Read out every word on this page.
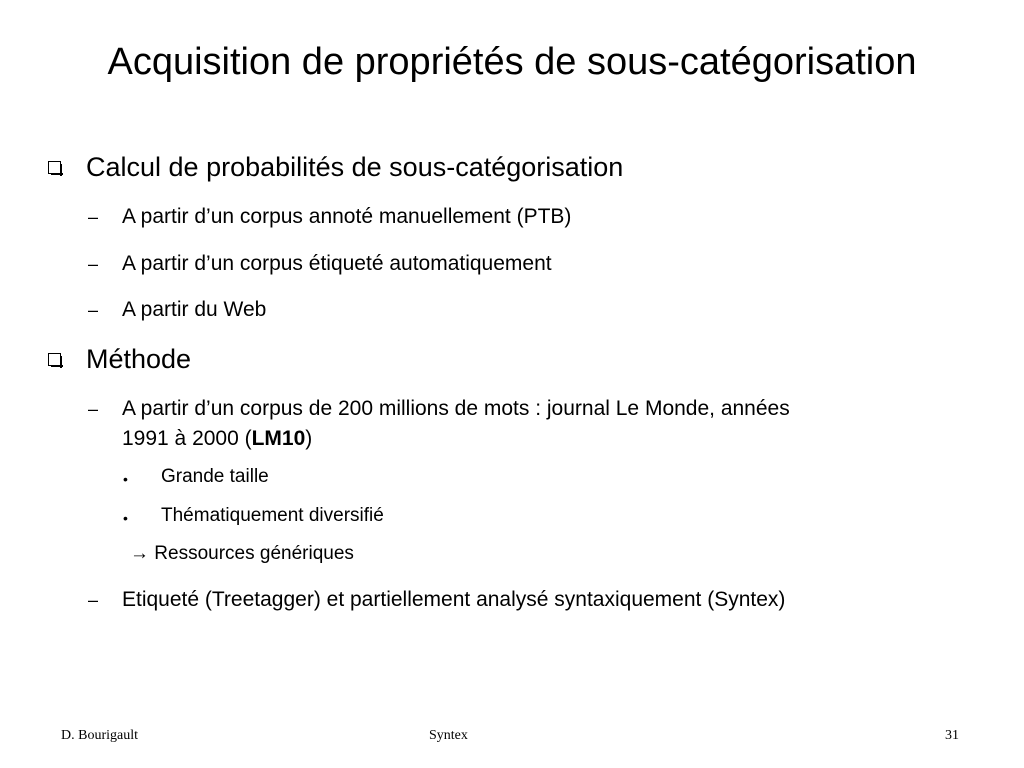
Acquisition de propriétés de sous-catégorisation
Calcul de probabilités de sous-catégorisation
– A partir d’un corpus annoté manuellement (PTB)
– A partir d’un corpus étiqueté automatiquement
– A partir du Web
Méthode
– A partir d’un corpus de 200 millions de mots : journal Le Monde, années
1991 à 2000 (LM10)
• Grande taille
• Thématiquement diversifié
→ Ressources génériques
– Etiqueté (Treetagger) et partiellement analysé syntaxiquement (Syntex)
D. Bourigault	Syntex	31
